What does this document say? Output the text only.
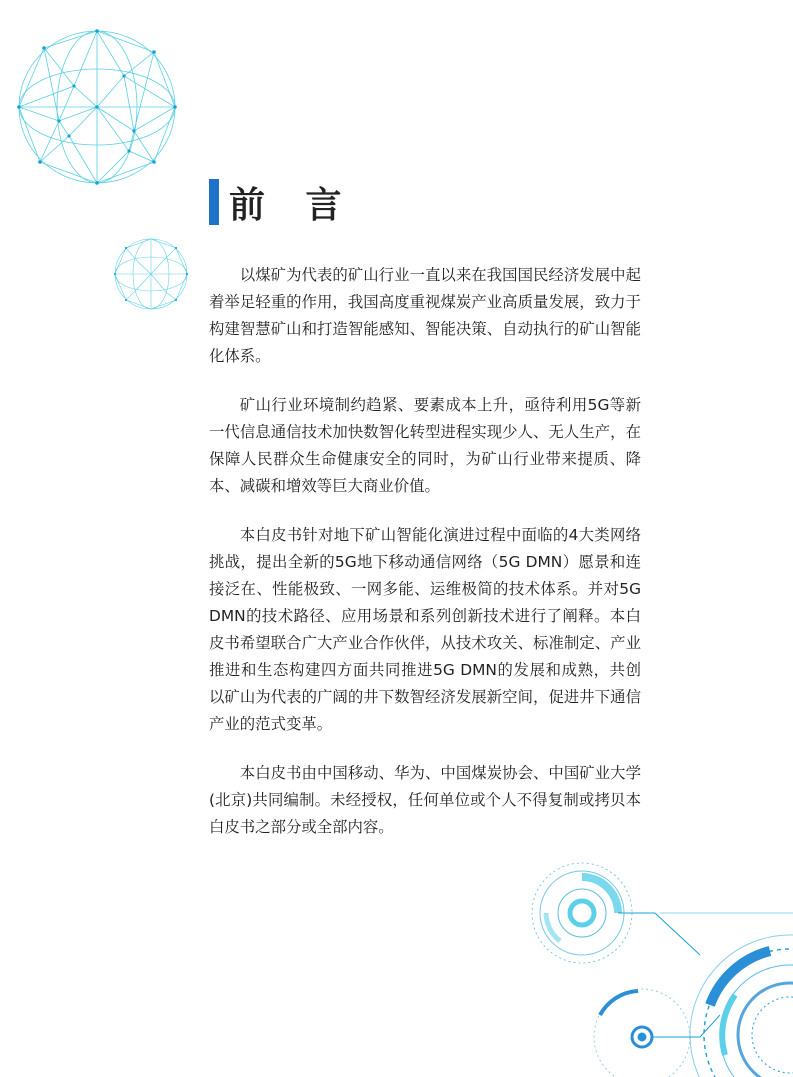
前 言

以煤矿为代表的矿山行业一直以来在我国国民经济发展中起着举足轻重的作用，我国高度重视煤炭产业高质量发展，致力于构建智慧矿山和打造智能感知、智能决策、自动执行的矿山智能化体系。

矿山行业环境制约趋紧、要素成本上升，亟待利用5G等新一代信息通信技术加快数智化转型进程实现少人、无人生产，在保障人民群众生命健康安全的同时，为矿山行业带来提质、降本、减碳和增效等巨大商业价值。

本白皮书针对地下矿山智能化演进过程中面临的4大类网络挑战，提出全新的5G地下移动通信网络（5G DMN）愿景和连接泛在、性能极致、一网多能、运维极简的技术体系。并对5G DMN的技术路径、应用场景和系列创新技术进行了阐释。本白皮书希望联合广大产业合作伙伴，从技术攻关、标准制定、产业推进和生态构建四方面共同推进5G DMN的发展和成熟，共创以矿山为代表的广阔的井下数智经济发展新空间，促进井下通信产业的范式变革。

本白皮书由中国移动、华为、中国煤炭协会、中国矿业大学(北京)共同编制。未经授权，任何单位或个人不得复制或拷贝本白皮书之部分或全部内容。
